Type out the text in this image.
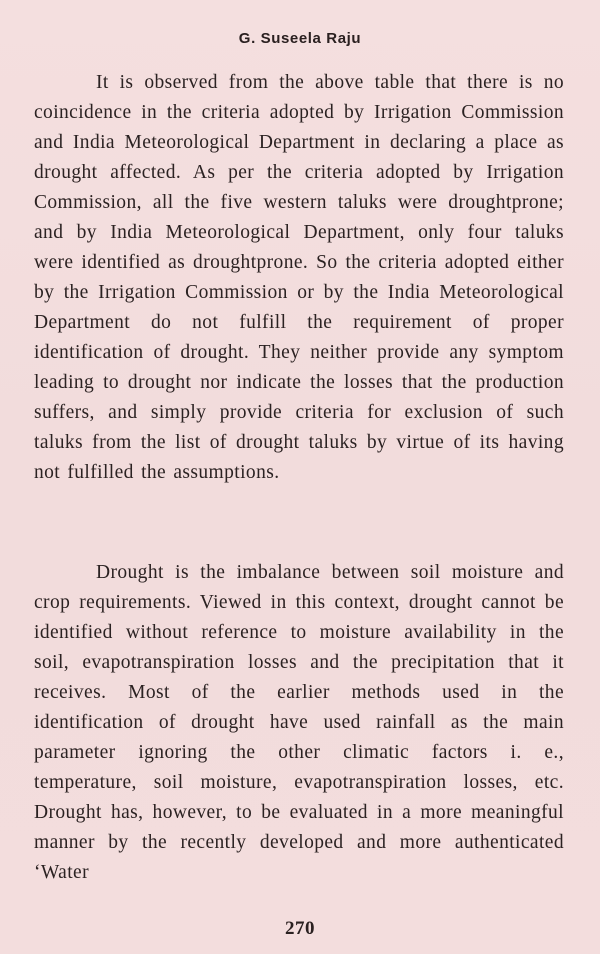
G. Suseela Raju

It is observed from the above table that there is no coincidence in the criteria adopted by Irrigation Commission and India Meteorological Department in declaring a place as drought affected. As per the criteria adopted by Irrigation Commission, all the five western taluks were droughtprone; and by India Meteorological Department, only four taluks were identified as droughtprone. So the criteria adopted either by the Irrigation Commission or by the India Meteorological Department do not fulfill the requirement of proper identification of drought. They neither provide any symptom leading to drought nor indicate the losses that the production suffers, and simply provide criteria for exclusion of such taluks from the list of drought taluks by virtue of its having not fulfilled the assumptions.

Drought is the imbalance between soil moisture and crop requirements. Viewed in this context, drought cannot be identified without reference to moisture availability in the soil, evapotranspiration losses and the precipitation that it receives. Most of the earlier methods used in the identification of drought have used rainfall as the main parameter ignoring the other climatic factors i. e., temperature, soil moisture, evapotranspiration losses, etc. Drought has, however, to be evaluated in a more meaningful manner by the recently developed and more authenticated ‘Water

270
